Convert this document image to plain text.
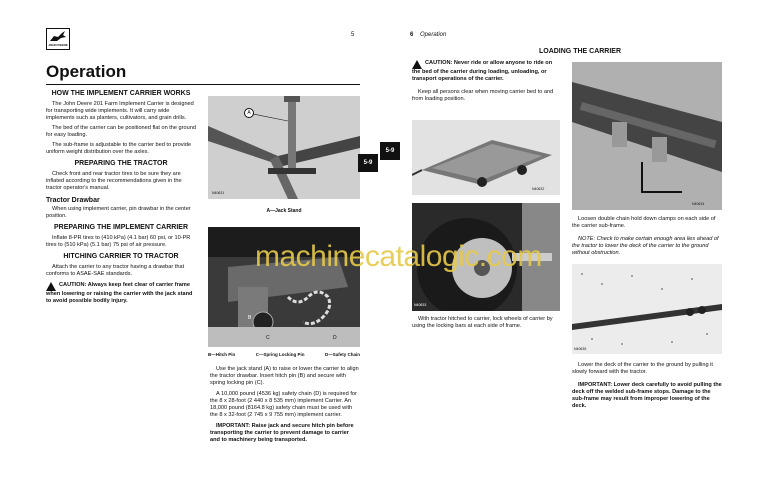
JOHN DEERE
5
Operation
HOW THE IMPLEMENT CARRIER WORKS

The John Deere 201 Farm Implement Carrier is designed for transporting wide implements. It will carry wide implements such as planters, cultivators, and grain drills.

The bed of the carrier can be positioned flat on the ground for easy loading.

The sub-frame is adjustable to the carrier bed to provide uniform weight distribution over the axles.

PREPARING THE TRACTOR

Check front and rear tractor tires to be sure they are inflated according to the recommendations given in the tractor operator's manual.

Tractor Drawbar

When using implement carrier, pin drawbar in the center position.

PREPARING THE IMPLEMENT CARRIER

Inflate 8-PR tires to (410 kPa) (4.1 bar) 60 psi, or 10-PR tires to (510 kPa) (5.1 bar) 75 psi of air pressure.

HITCHING CARRIER TO TRACTOR

Attach the carrier to any tractor having a drawbar that conforms to ASAE-SAE standards.

CAUTION: Always keep feet clear of carrier frame when lowering or raising the carrier with the jack stand to avoid possible bodily injury.
A
N40631
A—Jack Stand
B
C	D
B—Hitch Pin	C—Spring Locking Pin	D—Safety Chain

Use the jack stand (A) to raise or lower the carrier to align the tractor drawbar. Insert hitch pin (B) and secure with spring locking pin (C).

A 10,000 pound (4536 kg) safety chain (D) is required for the 8 x 28-foot (2 440 x 8 535 mm) implement Carrier. An 18,000 pound (8164.8 kg) safety chain must be used with the 8 x 32-foot (2 745 x 9 755 mm) implement carrier.

IMPORTANT: Raise jack and secure hitch pin before transporting the carrier to prevent damage to carrier and to machinery being transported.

5-9
5-9
6 Operation
LOADING THE CARRIER
CAUTION: Never ride or allow anyone to ride on the bed of the carrier during loading, unloading, or transport operations of the carrier.

Keep all persons clear when moving carrier bed to and from loading position.

N40632
N40633

With tractor hitched to carrier, lock wheels of carrier by using the locking bars at each side of frame.

N40634

Loosen double chain hold down clamps on each side of the carrier sub-frame.

NOTE: Check to make certain enough area lies ahead of the tractor to lower the deck of the carrier to the ground without obstruction.

N40635

Lower the deck of the carrier to the ground by pulling it slowly forward with the tractor.

IMPORTANT: Lower deck carefully to avoid pulling the deck off the welded sub-frame stops. Damage to the sub-frame may result from improper lowering of the deck.

machinecatalogic.com
